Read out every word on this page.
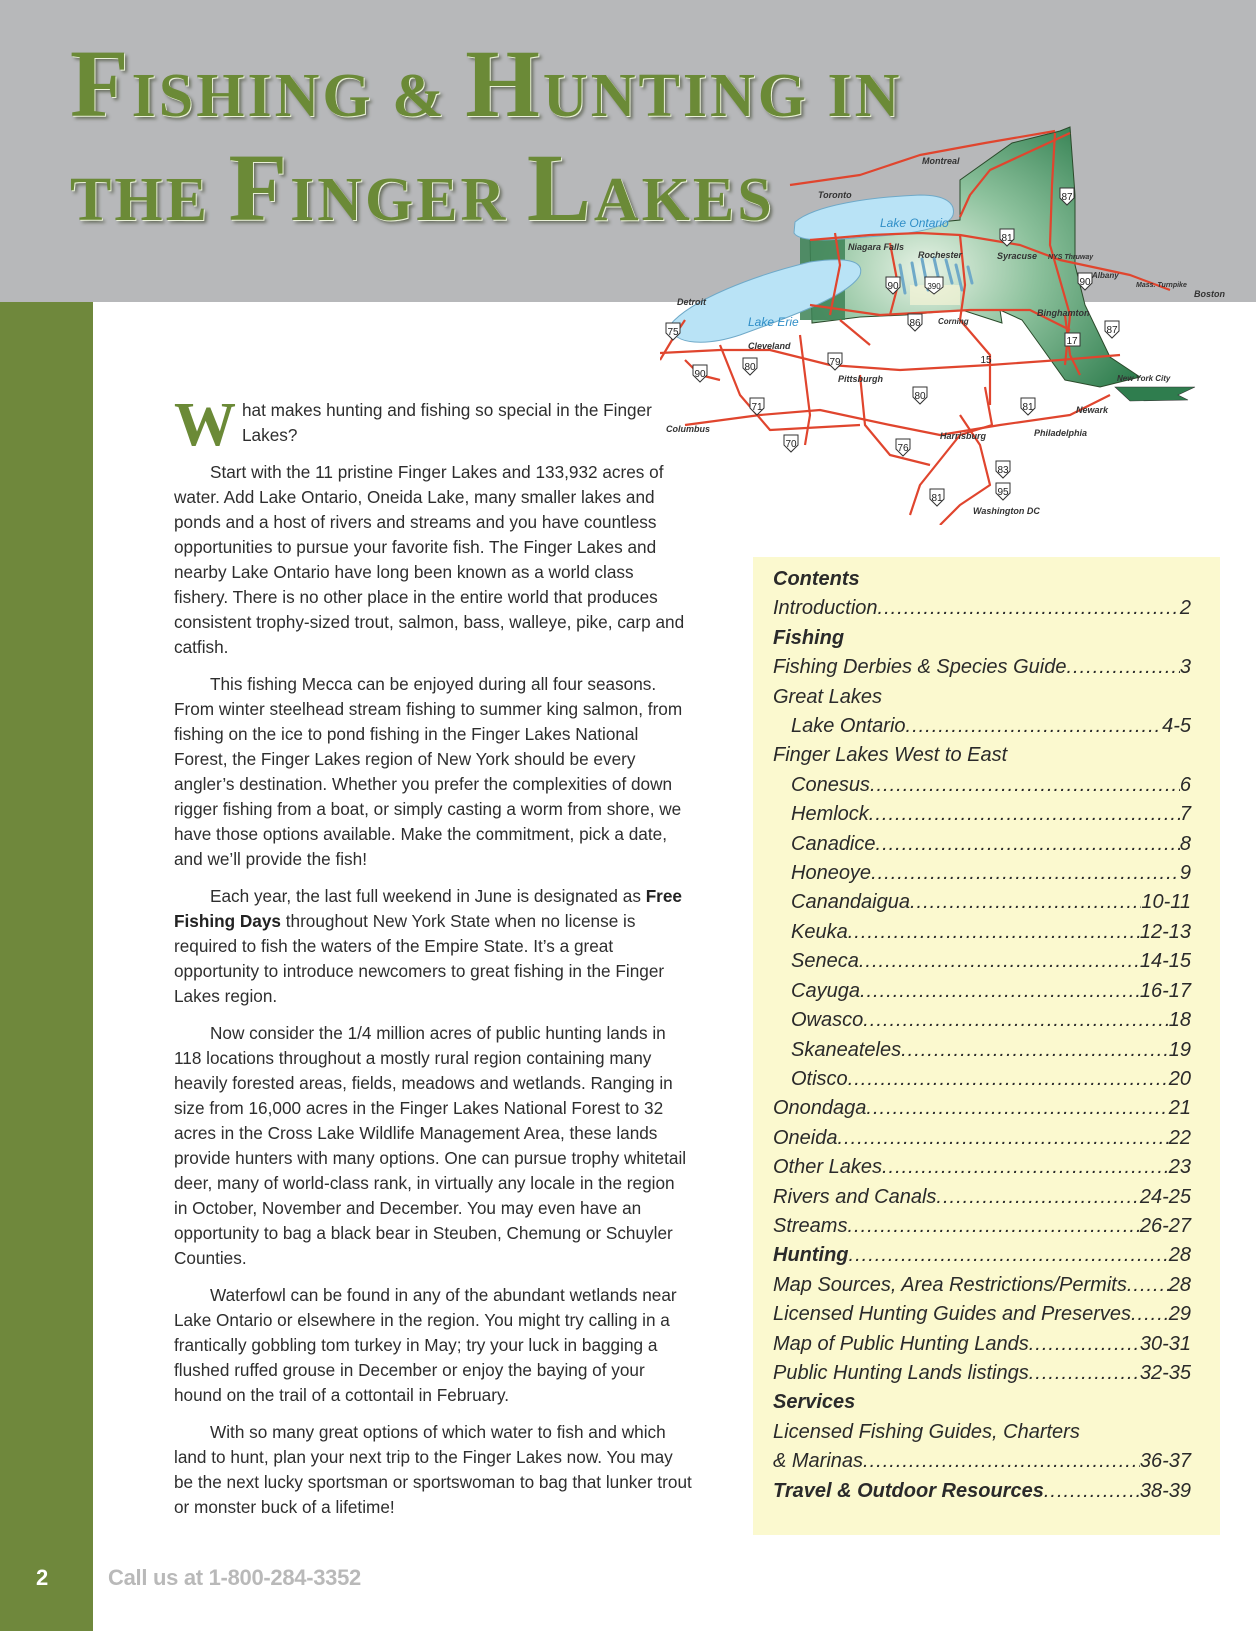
FISHING & HUNTING IN
THE FINGER LAKES
Montreal
Toronto
Niagara Falls
Rochester	Syracuse NYS Thruway
Albany
Mass. Turnpike
Boston
Detroit
Binghamton
Corning
Cleveland
Pittsburgh	New York City
Newark
Columbus
Harrisburg	Philadelphia
Washington DC
Lake Ontario
Lake Erie
87
81
90
390
90
86
87
17
75
90
80	79	15
80
71	81
70	76
83
95
81

What makes hunting and fishing so special in the Finger Lakes?

Start with the 11 pristine Finger Lakes and 133,932 acres of water. Add Lake Ontario, Oneida Lake, many smaller lakes and ponds and a host of rivers and streams and you have countless opportunities to pursue your favorite fish. The Finger Lakes and nearby Lake Ontario have long been known as a world class fishery. There is no other place in the entire world that produces consistent trophy-sized trout, salmon, bass, walleye, pike, carp and catfish.

This fishing Mecca can be enjoyed during all four seasons. From winter steelhead stream fishing to summer king salmon, from fishing on the ice to pond fishing in the Finger Lakes National Forest, the Finger Lakes region of New York should be every angler’s destination. Whether you prefer the complexities of down rigger fishing from a boat, or simply casting a worm from shore, we have those options available. Make the commitment, pick a date, and we’ll provide the fish!

Each year, the last full weekend in June is designated as Free Fishing Days throughout New York State when no license is required to fish the waters of the Empire State. It’s a great opportunity to introduce newcomers to great fishing in the Finger Lakes region.

Now consider the 1/4 million acres of public hunting lands in 118 locations throughout a mostly rural region containing many heavily forested areas, fields, meadows and wetlands. Ranging in size from 16,000 acres in the Finger Lakes National Forest to 32 acres in the Cross Lake Wildlife Management Area, these lands provide hunters with many options. One can pursue trophy whitetail deer, many of world-class rank, in virtually any locale in the region in October, November and December. You may even have an opportunity to bag a black bear in Steuben, Chemung or Schuyler Counties.

Waterfowl can be found in any of the abundant wetlands near Lake Ontario or elsewhere in the region. You might try calling in a frantically gobbling tom turkey in May; try your luck in bagging a flushed ruffed grouse in December or enjoy the baying of your hound on the trail of a cottontail in February.

With so many great options of which water to fish and which land to hunt, plan your next trip to the Finger Lakes now. You may be the next lucky sportsman or sportswoman to bag that lunker trout or monster buck of a lifetime!

Contents
Introduction .....	2
Fishing
Fishing Derbies & Species Guide .....	3
Great Lakes
Lake Ontario .....	4-5
Finger Lakes West to East
Conesus .....	6
Hemlock .....	7
Canadice .....	8
Honeoye .....	9
Canandaigua .....	10-11
Keuka .....	12-13
Seneca .....	14-15
Cayuga .....	16-17
Owasco .....	18
Skaneateles .....	19
Otisco .....	20
Onondaga .....	21
Oneida .....	22
Other Lakes .....	23
Rivers and Canals .....	24-25
Streams .....	26-27
Hunting .....	28
Map Sources, Area Restrictions/Permits ..... 28
Licensed Hunting Guides and Preserves ..... 29
Map of Public Hunting Lands .....	30-31
Public Hunting Lands listings .....	32-35
Services
Licensed Fishing Guides, Charters
& Marinas .....	36-37
Travel & Outdoor Resources .....	38-39
2	Call us at 1-800-284-3352
